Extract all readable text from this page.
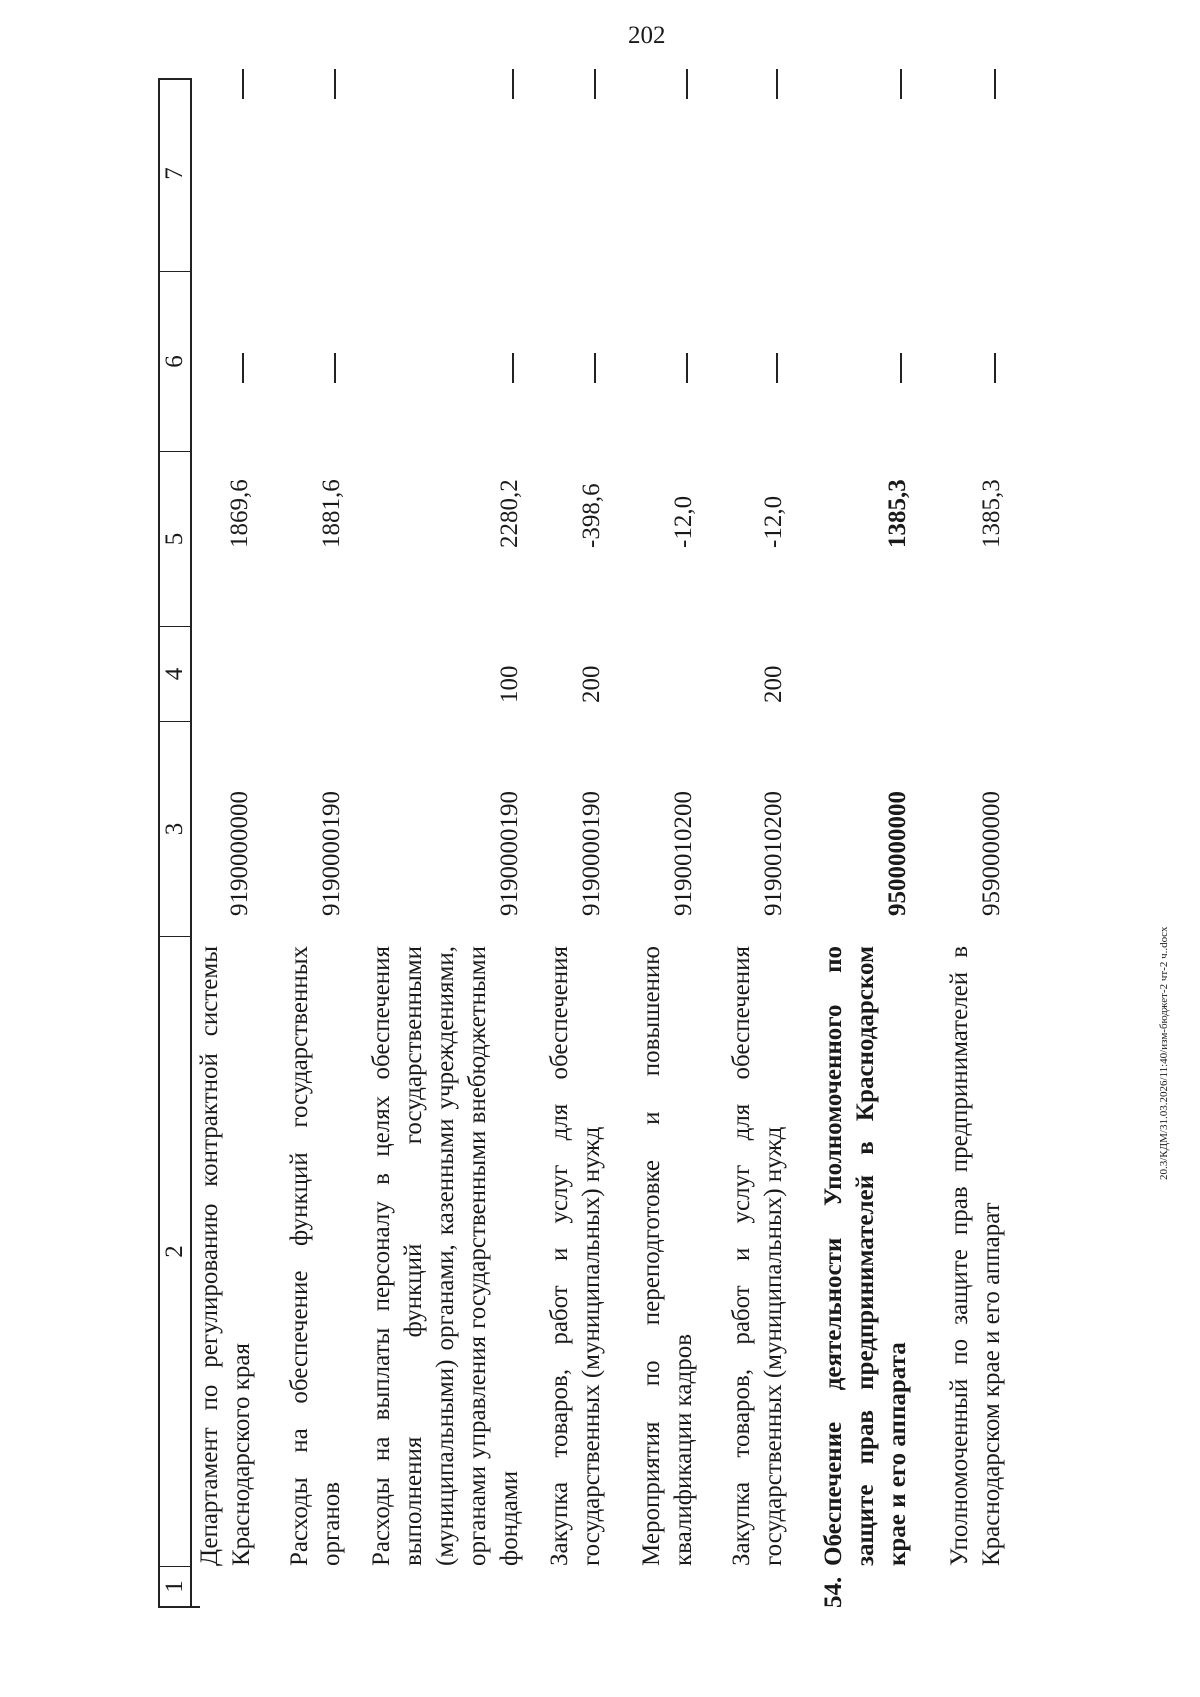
202
20.3/КДМ/31.03.2026/11:40/изм-бюджет-2 чт-2 ч..docx
1
2
3
4
5
6
7
Департамент по регулированию контрактной системы Краснодарского края
9190000000
1869,6
Расходы на обеспечение функций государственных органов
9190000190
1881,6
Расходы на выплаты персоналу в целях обеспечения выполнения функций государственными (муниципальными) органами, казенными учреждениями, органами управления государственными внебюджетными фондами
9190000190
100
2280,2
Закупка товаров, работ и услуг для обеспечения государственных (муниципальных) нужд
9190000190
200
-398,6
Мероприятия по переподготовке и повышению квалификации кадров
9190010200
-12,0
Закупка товаров, работ и услуг для обеспечения государственных (муниципальных) нужд
9190010200
200
-12,0
54.
Обеспечение деятельности Уполномоченного по защите прав предпринимателей в Краснодарском крае и его аппарата
9500000000
1385,3
Уполномоченный по защите прав предпринимателей в Краснодарском крае и его аппарат
9590000000
1385,3
